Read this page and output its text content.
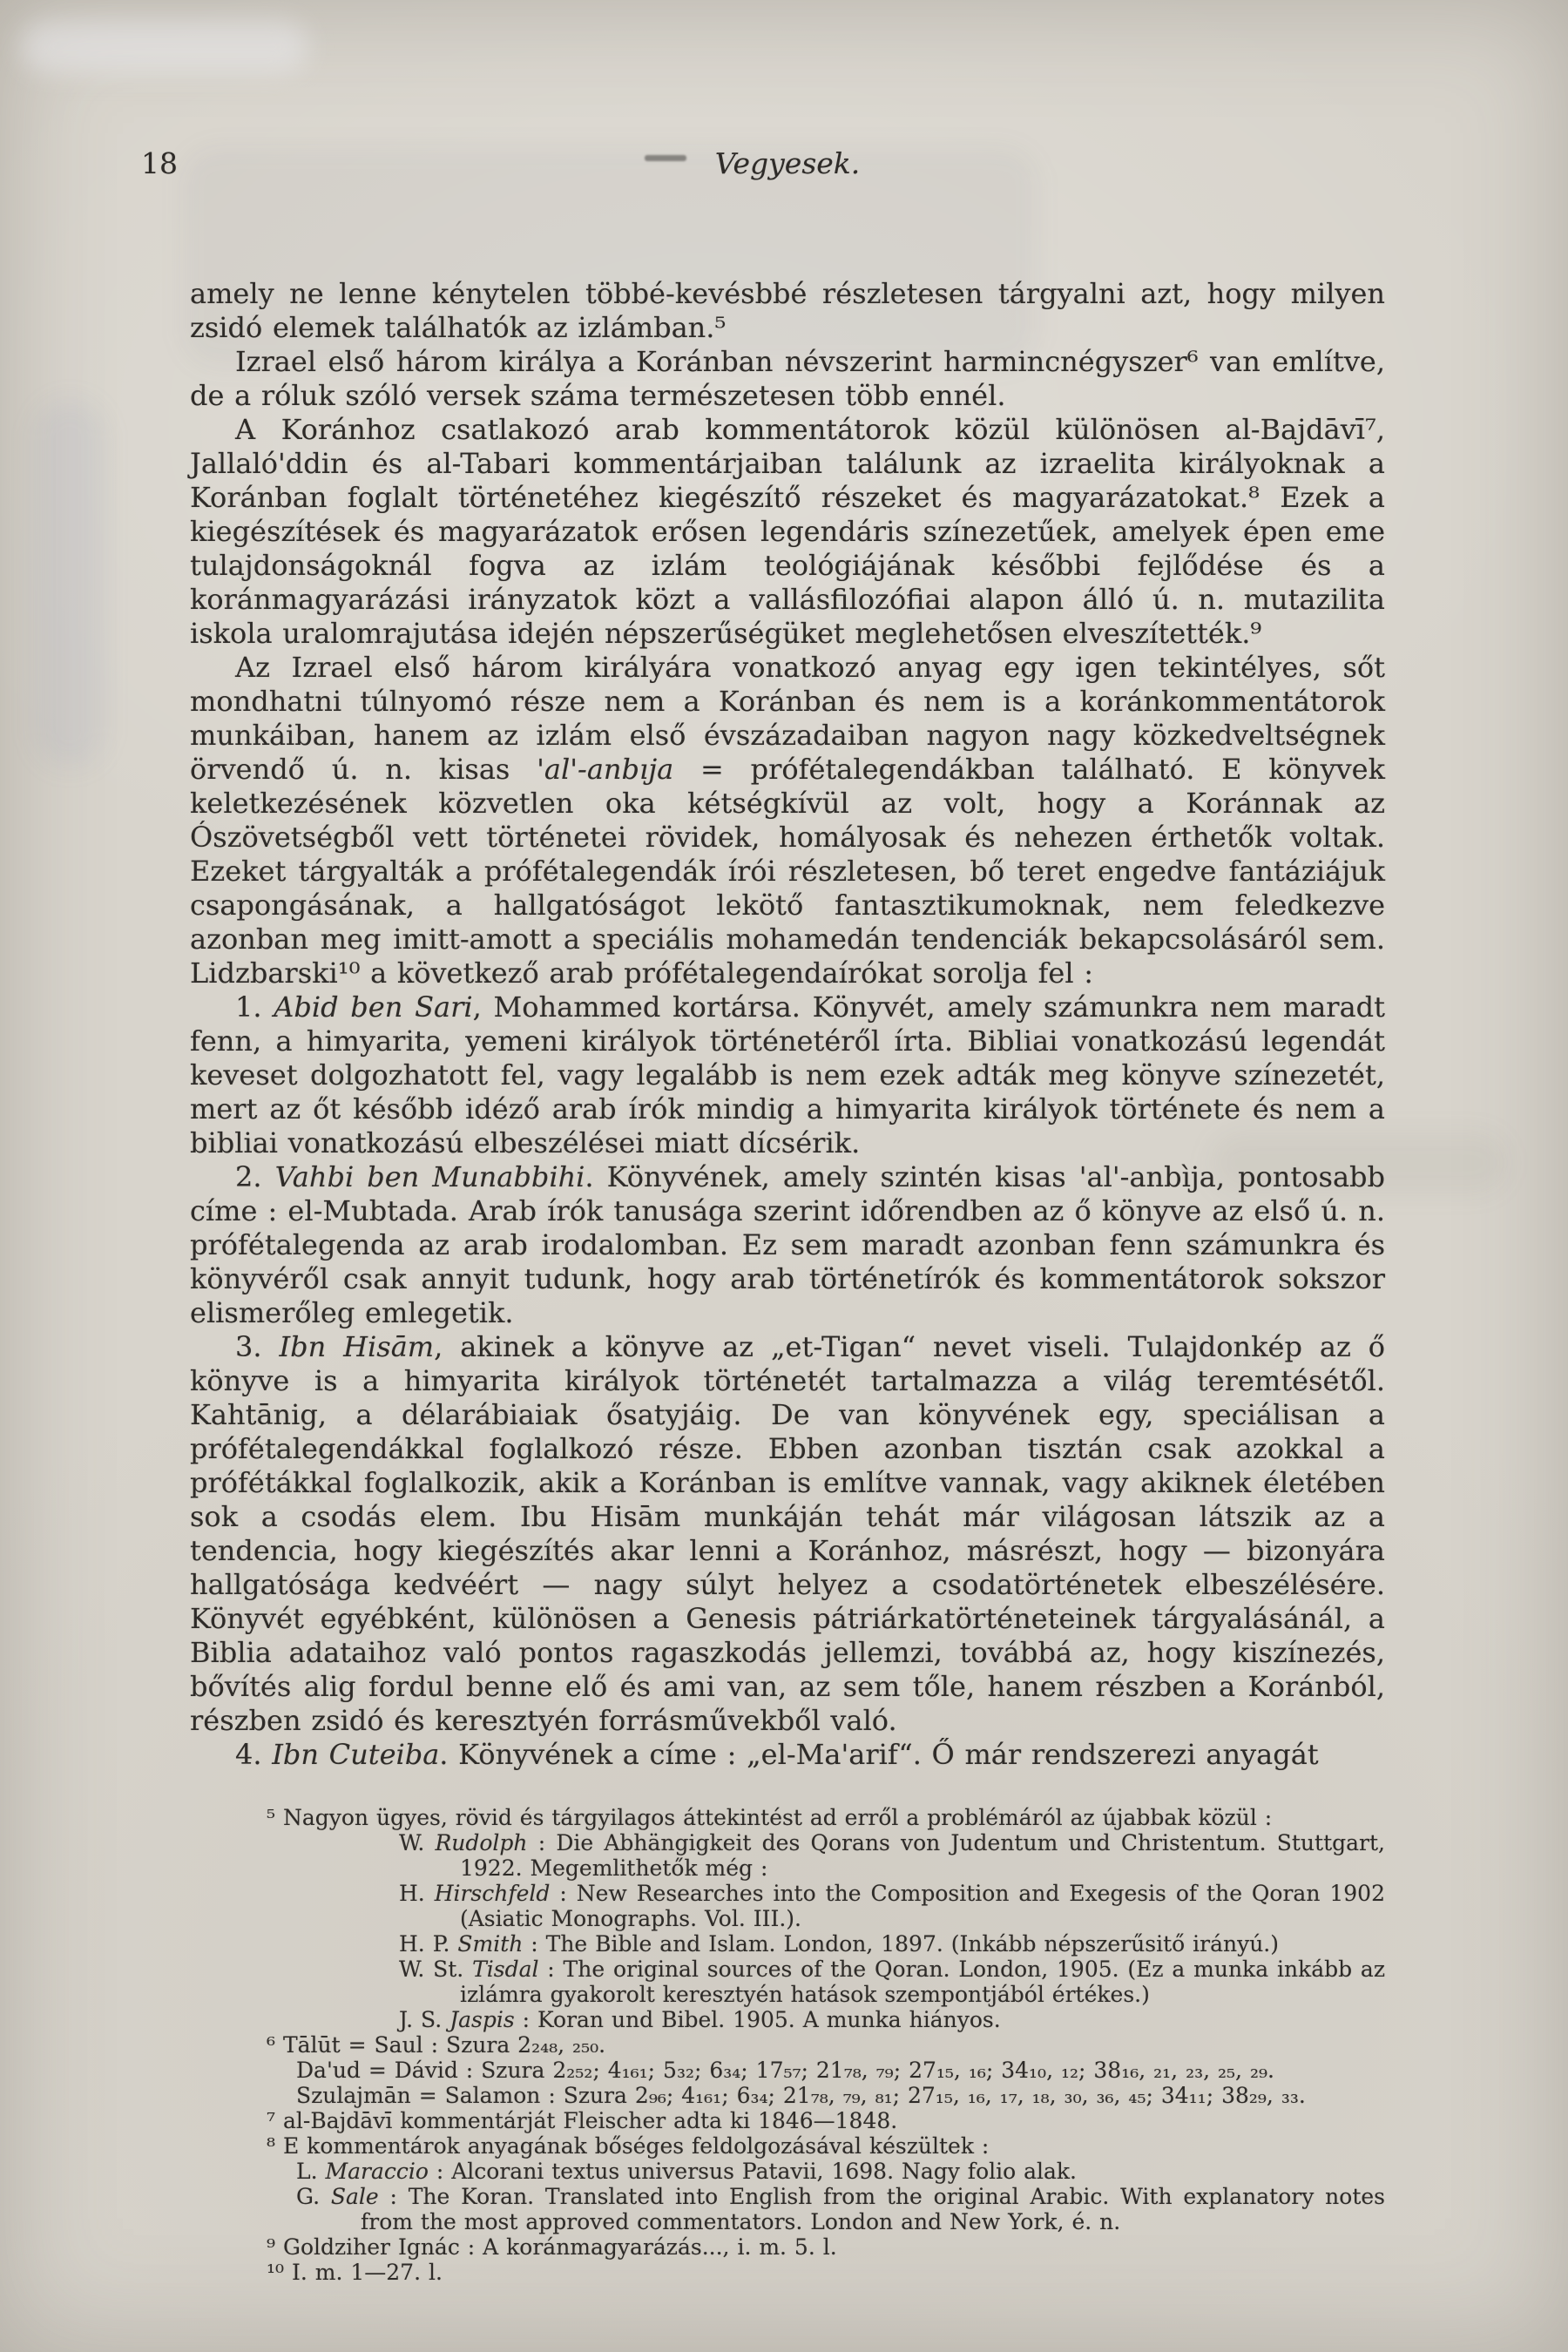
18	Vegyesek.

amely ne lenne kénytelen többé-kevésbbé részletesen tárgyalni azt, hogy milyen zsidó elemek találhatók az izlámban.⁵

Izrael első három királya a Koránban névszerint harmincnégyszer⁶ van említve, de a róluk szóló versek száma természetesen több ennél.

A Koránhoz csatlakozó arab kommentátorok közül különösen al-Bajdāvī⁷, Jallaló'ddin és al-Tabari kommentárjaiban találunk az izraelita királyoknak a Koránban foglalt történetéhez kiegészítő részeket és magyarázatokat.⁸ Ezek a kiegészítések és magyarázatok erősen legendáris színezetűek, amelyek épen eme tulajdonságoknál fogva az izlám teológiájának későbbi fejlődése és a koránmagyarázási irányzatok közt a vallásfilozófiai alapon álló ú. n. mutazilita iskola uralomrajutása idején népszerűségüket meglehetősen elveszítették.⁹

Az Izrael első három királyára vonatkozó anyag egy igen tekintélyes, sőt mondhatni túlnyomó része nem a Koránban és nem is a koránkommentátorok munkáiban, hanem az izlám első évszázadaiban nagyon nagy közkedveltségnek örvendő ú. n. kisas 'al'-anbıja = prófétalegendákban található. E könyvek keletkezésének közvetlen oka kétségkívül az volt, hogy a Koránnak az Ószövetségből vett történetei rövidek, homályosak és nehezen érthetők voltak. Ezeket tárgyalták a prófétalegendák írói részletesen, bő teret engedve fantáziájuk csapongásának, a hallgatóságot lekötő fantasztikumoknak, nem feledkezve azonban meg imitt-amott a speciális mohamedán tendenciák bekapcsolásáról sem. Lidzbarski¹⁰ a következő arab prófétalegendaírókat sorolja fel :

1. Abid ben Sari, Mohammed kortársa. Könyvét, amely számunkra nem maradt fenn, a himyarita, yemeni királyok történetéről írta. Bibliai vonatkozású legendát keveset dolgozhatott fel, vagy legalább is nem ezek adták meg könyve színezetét, mert az őt később idéző arab írók mindig a himyarita királyok története és nem a bibliai vonatkozású elbeszélései miatt dícsérik.

2. Vahbi ben Munabbihi. Könyvének, amely szintén kisas 'al'-anbìja, pontosabb címe : el-Mubtada. Arab írók tanusága szerint időrendben az ő könyve az első ú. n. prófétalegenda az arab irodalomban. Ez sem maradt azonban fenn számunkra és könyvéről csak annyit tudunk, hogy arab történetírók és kommentátorok sokszor elismerőleg emlegetik.

3. Ibn Hisām, akinek a könyve az „et-Tigan“ nevet viseli. Tulajdonkép az ő könyve is a himyarita királyok történetét tartalmazza a világ teremtésétől. Kahtānig, a délarábiaiak ősatyjáig. De van könyvének egy, speciálisan a prófétalegendákkal foglalkozó része. Ebben azonban tisztán csak azokkal a prófétákkal foglalkozik, akik a Koránban is említve vannak, vagy akiknek életében sok a csodás elem. Ibu Hisām munkáján tehát már világosan látszik az a tendencia, hogy kiegészítés akar lenni a Koránhoz, másrészt, hogy — bizonyára hallgatósága kedvéért — nagy súlyt helyez a csodatörténetek elbeszélésére. Könyvét egyébként, különösen a Genesis pátriárkatörténeteinek tárgyalásánál, a Biblia adataihoz való pontos ragaszkodás jellemzi, továbbá az, hogy kiszínezés, bővítés alig fordul benne elő és ami van, az sem tőle, hanem részben a Koránból, részben zsidó és keresztyén forrásművekből való.

4. Ibn Cuteiba. Könyvének a címe : „el-Ma'arif“. Ő már rendszerezi anyagát

⁵ Nagyon ügyes, rövid és tárgyilagos áttekintést ad erről a problémáról az újabbak közül :
W. Rudolph : Die Abhängigkeit des Qorans von Judentum und Christentum. Stuttgart, 1922. Megemlithetők még :
H. Hirschfeld : New Researches into the Composition and Exegesis of the Qoran 1902 (Asiatic Monographs. Vol. III.).
H. P. Smith : The Bible and Islam. London, 1897. (Inkább népszerűsitő irányú.)
W. St. Tisdal : The original sources of the Qoran. London, 1905. (Ez a munka inkább az izlámra gyakorolt keresztyén hatások szempontjából értékes.)
J. S. Jaspis : Koran und Bibel. 1905. A munka hiányos.
⁶ Tālūt = Saul : Szura 2₂₄₈, ₂₅₀.
Da'ud = Dávid : Szura 2₂₅₂; 4₁₆₁; 5₃₂; 6₃₄; 17₅₇; 21₇₈, ₇₉; 27₁₅, ₁₆; 34₁₀, ₁₂; 38₁₆, ₂₁, ₂₃, ₂₅, ₂₉.
Szulajmān = Salamon : Szura 2₉₆; 4₁₆₁; 6₃₄; 21₇₈, ₇₉, ₈₁; 27₁₅, ₁₆, ₁₇, ₁₈, ₃₀, ₃₆, ₄₅; 34₁₁; 38₂₉, ₃₃.
⁷ al-Bajdāvī kommentárját Fleischer adta ki 1846—1848.
⁸ E kommentárok anyagának bőséges feldolgozásával készültek :
L. Maraccio : Alcorani textus universus Patavii, 1698. Nagy folio alak.
G. Sale : The Koran. Translated into English from the original Arabic. With explanatory notes from the most approved commentators. London and New York, é. n.
⁹ Goldziher Ignác : A koránmagyarázás..., i. m. 5. l.
¹⁰ I. m. 1—27. l.
